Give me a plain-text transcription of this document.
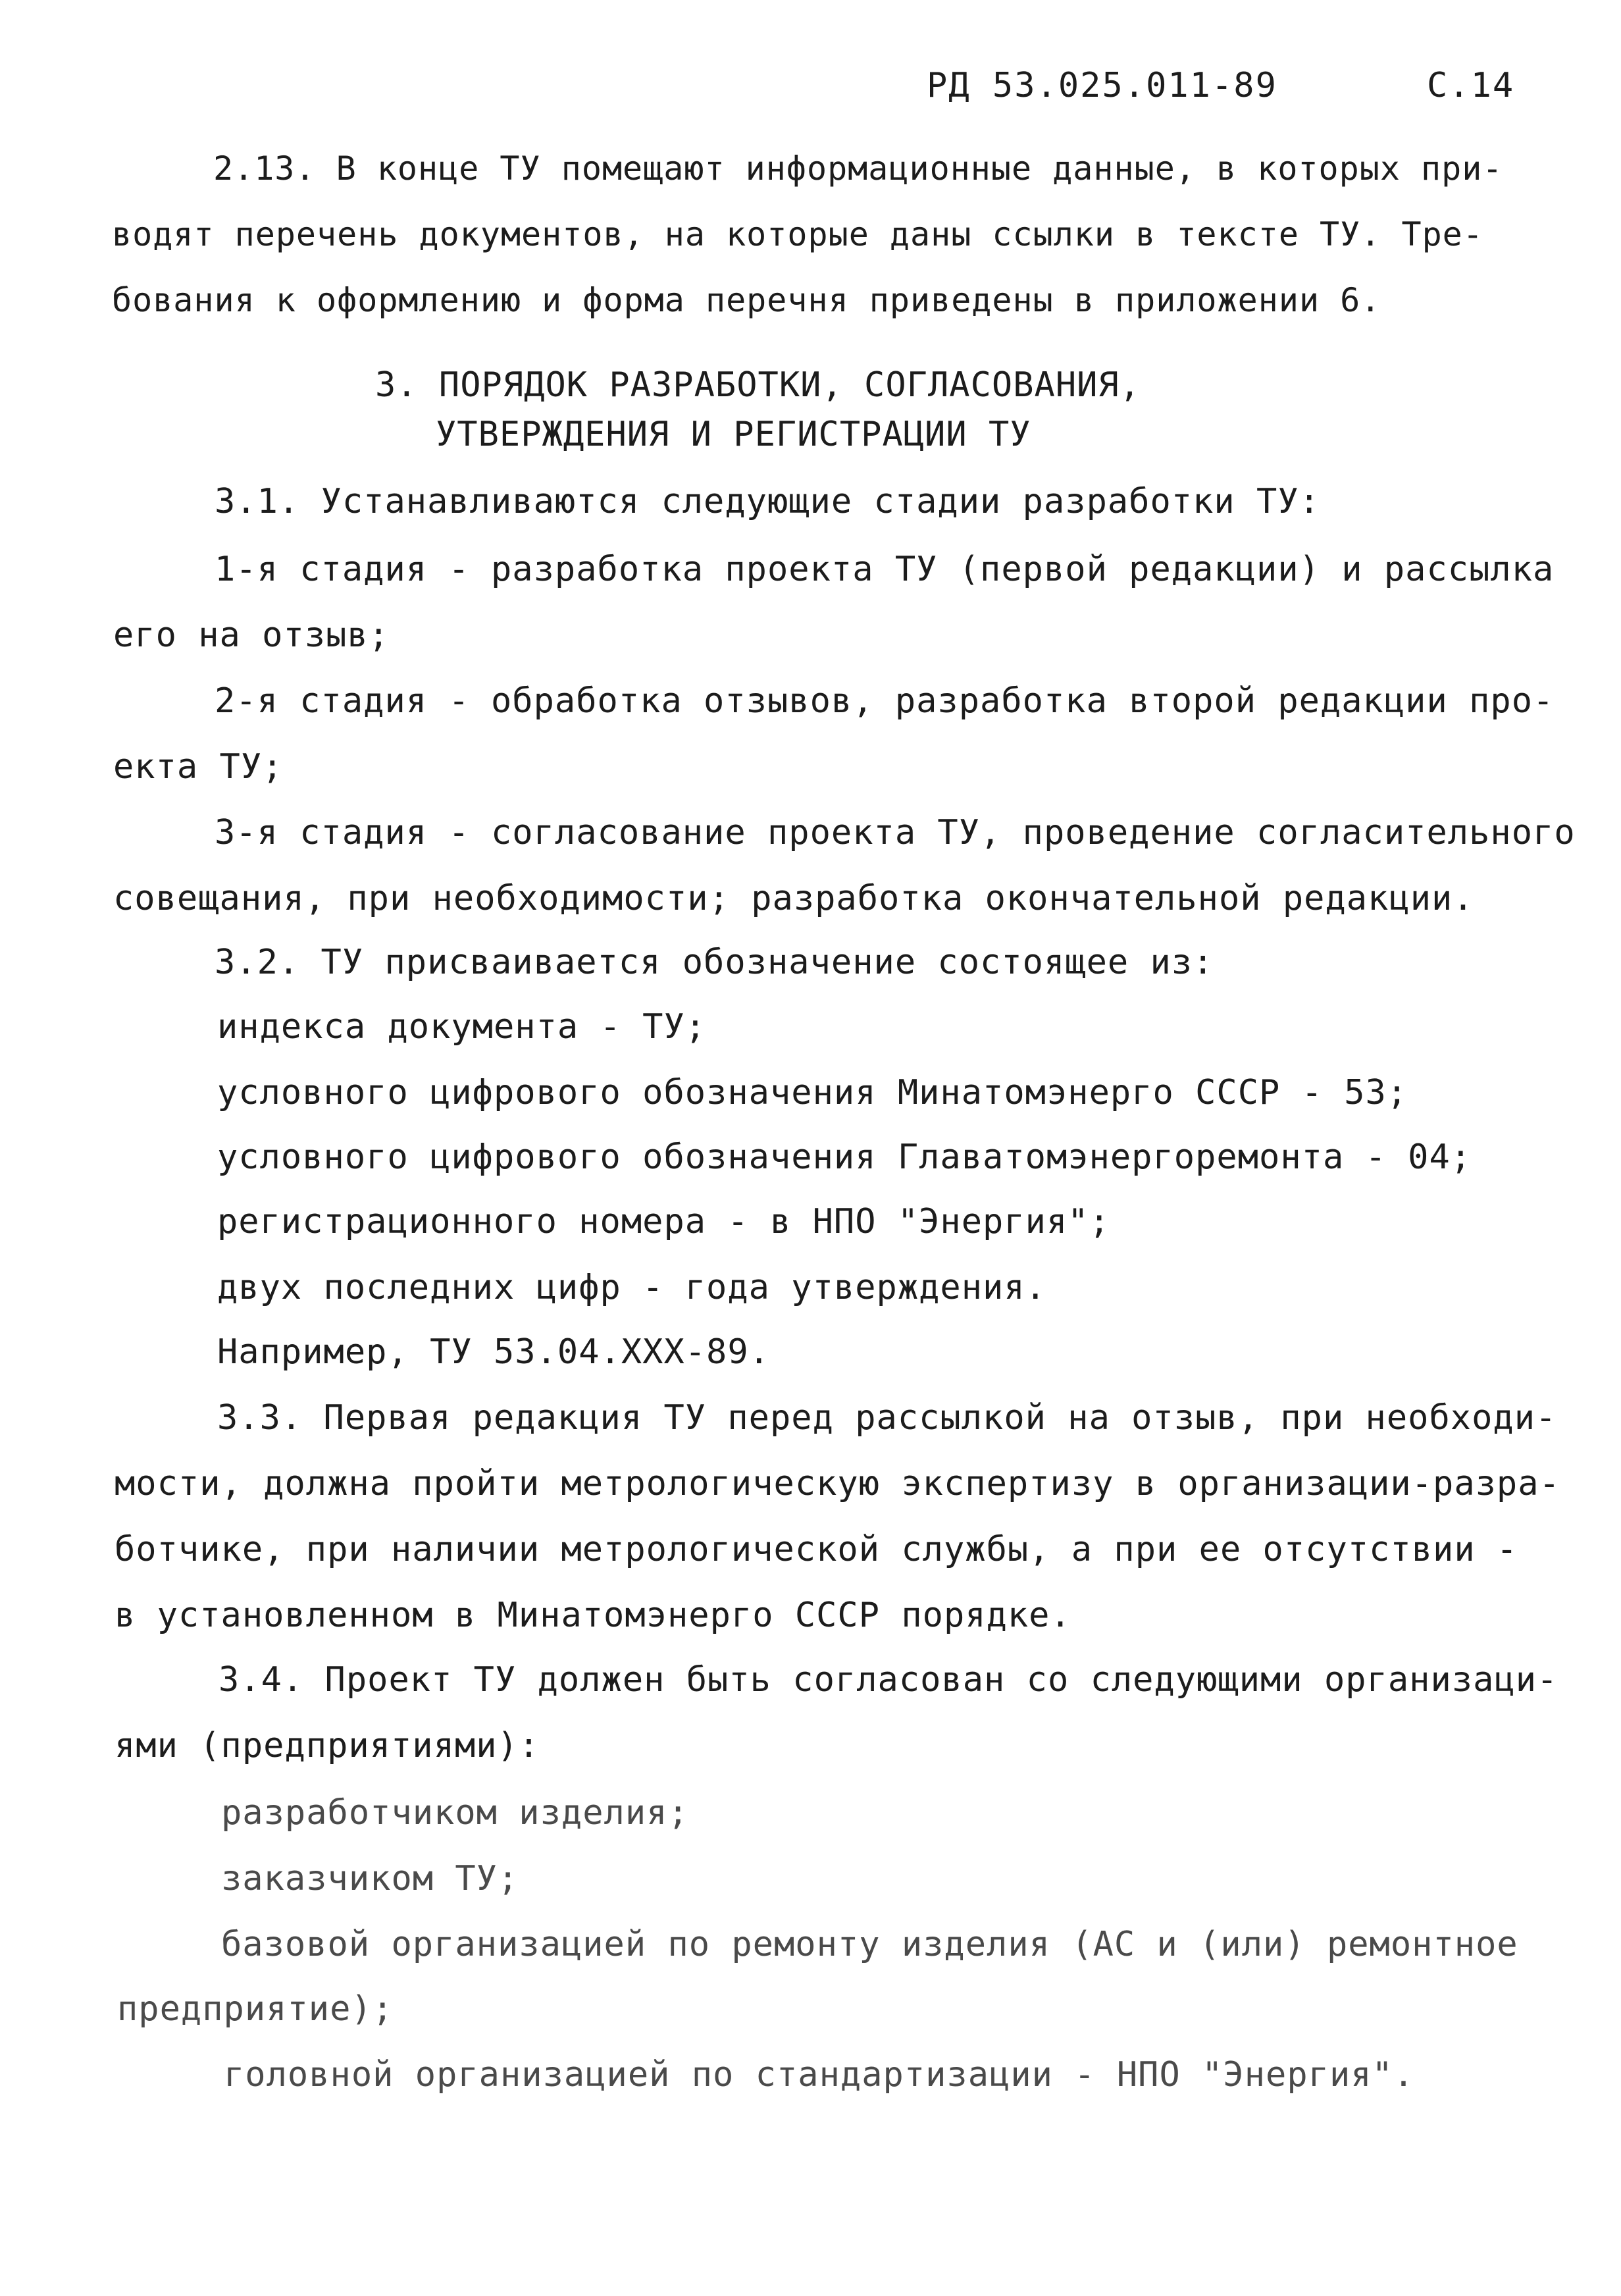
РД 53.025.011-89	С.14
2.13. В конце ТУ помещают информационные данные, в которых при-
водят перечень документов, на которые даны ссылки в тексте ТУ. Тре-
бования к оформлению и форма перечня приведены в приложении 6.
3. ПОРЯДОК РАЗРАБОТКИ, СОГЛАСОВАНИЯ,
УТВЕРЖДЕНИЯ И РЕГИСТРАЦИИ ТУ
3.1. Устанавливаются следующие стадии разработки ТУ:
1-я стадия - разработка проекта ТУ (первой редакции) и рассылка
его на отзыв;
2-я стадия - обработка отзывов, разработка второй редакции про-
екта ТУ;
3-я стадия - согласование проекта ТУ, проведение согласительного
совещания, при необходимости; разработка окончательной редакции.
3.2. ТУ присваивается обозначение состоящее из:
индекса документа - ТУ;
условного цифрового обозначения Минатомэнерго СССР - 53;
условного цифрового обозначения Главатомэнергоремонта - 04;
регистрационного номера - в НПО "Энергия";
двух последних цифр - года утверждения.
Например, ТУ 53.04.XXX-89.
3.3. Первая редакция ТУ перед рассылкой на отзыв, при необходи-
мости, должна пройти метрологическую экспертизу в организации-разра-
ботчике, при наличии метрологической службы, а при ее отсутствии -
в установленном в Минатомэнерго СССР порядке.
3.4. Проект ТУ должен быть согласован со следующими организаци-
ями (предприятиями):
разработчиком изделия;
заказчиком ТУ;
базовой организацией по ремонту изделия (АС и (или) ремонтное
предприятие);
головной организацией по стандартизации - НПО "Энергия".
